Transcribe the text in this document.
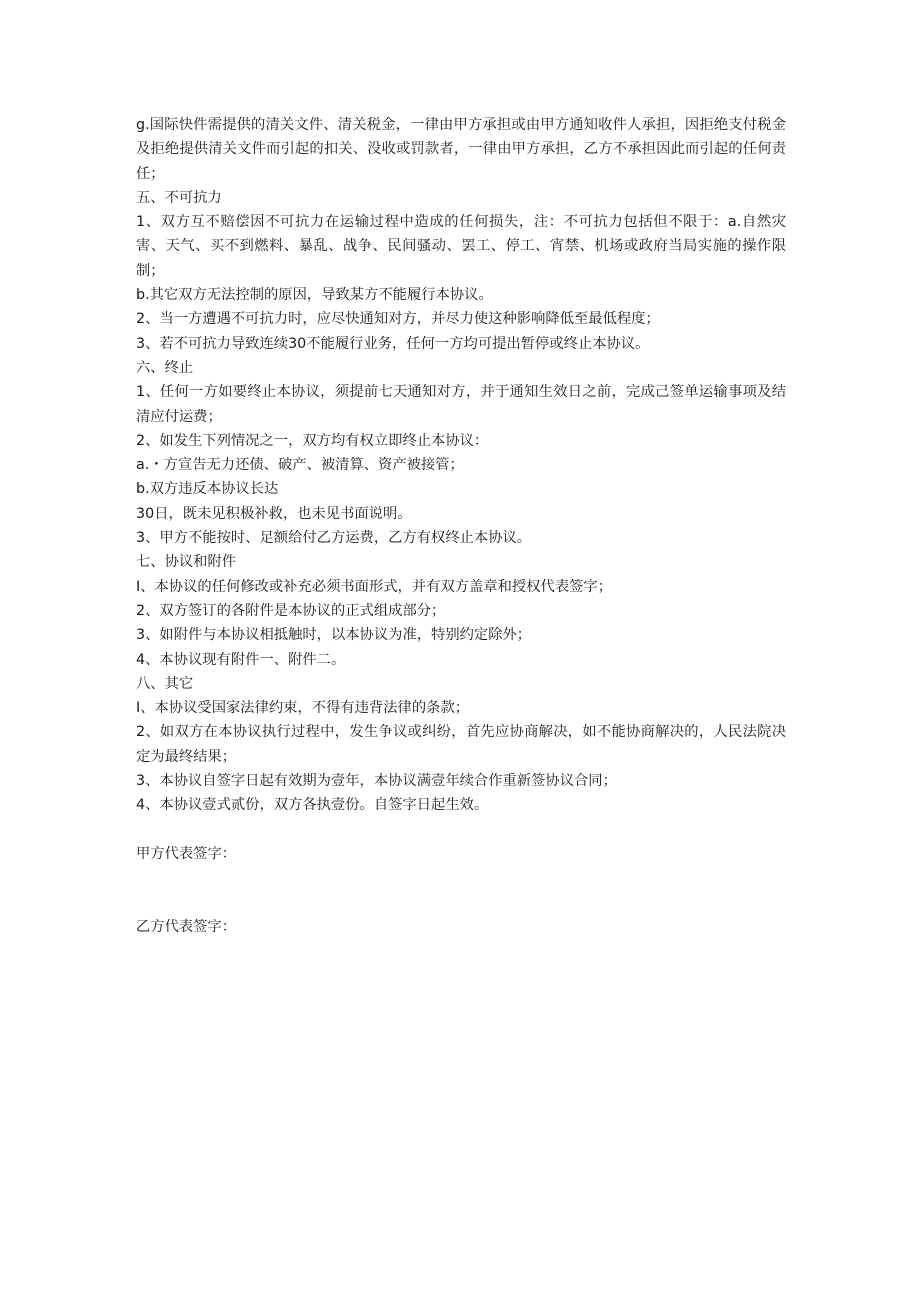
g.国际快件需提供的清关文件、清关税金，一律由甲方承担或由甲方通知收件人承担，因拒绝支付税金及拒绝提供清关文件而引起的扣关、没收或罚款者，一律由甲方承担，乙方不承担因此而引起的任何责任；
五、不可抗力
1、双方互不赔偿因不可抗力在运输过程中造成的任何损失，注：不可抗力包括但不限于：a.自然灾害、天气、买不到燃料、暴乱、战争、民间骚动、罢工、停工、宵禁、机场或政府当局实施的操作限制；
b.其它双方无法控制的原因，导致某方不能履行本协议。
2、当一方遭遇不可抗力时，应尽快通知对方，并尽力使这种影响降低至最低程度；
3、若不可抗力导致连续30不能履行业务，任何一方均可提出暂停或终止本协议。
六、终止
1、任何一方如要终止本协议，须提前七天通知对方，并于通知生效日之前，完成己签单运输事项及结清应付运费；
2、如发生下列情况之一，双方均有权立即终止本协议：
a.・方宣告无力还债、破产、被清算、资产被接管；
b.双方违反本协议长达
30日，既未见积极补救，也未见书面说明。
3、甲方不能按时、足额给付乙方运费，乙方有权终止本协议。
七、协议和附件
I、本协议的任何修改或补充必须书面形式，并有双方盖章和授权代表签字；
2、双方签订的各附件是本协议的正式组成部分；
3、如附件与本协议相抵触时，以本协议为准，特别约定除外；
4、本协议现有附件一、附件二。
八、其它
I、本协议受国家法律约束，不得有违背法律的条款；
2、如双方在本协议执行过程中，发生争议或纠纷，首先应协商解决，如不能协商解决的，人民法院决定为最终结果；
3、本协议自签字日起有效期为壹年，本协议满壹年续合作重新签协议合同；
4、本协议壹式贰份，双方各执壹份。自签字日起生效。
甲方代表签字：
乙方代表签字：
